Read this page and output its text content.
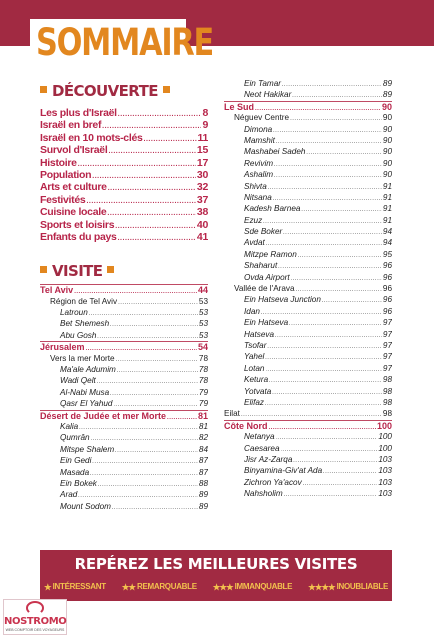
SOMMAIRE
DÉCOUVERTE
Les plus d'Israël .....	8
Israël en bref .....	9
Israël en 10 mots-clés .....	11
Survol d'Israël .....	15
Histoire .....	17
Population .....	30
Arts et culture .....	32
Festivités .....	37
Cuisine locale .....	38
Sports et loisirs .....	40
Enfants du pays .....	41
VISITE
Tel Aviv .....	44
Région de Tel Aviv .....	53
Latroun .....	53
Bet Shemesh .....	53
Abu Gosh .....	53
Jérusalem .....	54
Vers la mer Morte .....	78
Ma'ale Adumim .....	78
Wadi Qelt .....	78
Al-Nabi Musa .....	79
Qasr El Yahud .....	79
Désert de Judée et mer Morte .....	81
Kalia .....	81
Qumrân .....	82
Mitspe Shalem .....	84
Ein Gedi .....	87
Masada .....	87
Ein Bokek .....	88
Arad .....	89
Mount Sodom .....	89
Ein Tamar .....	89
Neot Hakikar .....	89
Le Sud .....	90
Néguev Centre .....	90
Dimona .....	90
Mamshit .....	90
Mashabei Sadeh .....	90
Revivim .....	90
Ashalim .....	90
Shivta .....	91
Nitsana .....	91
Kadesh Barnea .....	91
Ezuz .....	91
Sde Boker .....	94
Avdat .....	94
Mitzpe Ramon .....	95
Shaharut .....	96
Ovda Airport .....	96
Vallée de l'Arava .....	96
Ein Hatseva Junction .....	96
Idan .....	96
Ein Hatseva .....	97
Hatseva .....	97
Tsofar .....	97
Yahel .....	97
Lotan .....	97
Ketura .....	98
Yotvata .....	98
Elifaz .....	98
Eilat .....	98
Côte Nord .....	100
Netanya .....	100
Caesarea .....	100
Jisr Az-Zarqa .....	103
Binyamina-Giv'at Ada .....	103
Zichron Ya'acov .....	103
Nahsholim .....	103
REPÉREZ LES MEILLEURES VISITES
★ INTÉRESSANT ★★ REMARQUABLE ★★★ IMMANQUABLE ★★★★ INOUBLIABLE
NOSTROMO
WEB COMPTOIR DES VOYAGEURS
